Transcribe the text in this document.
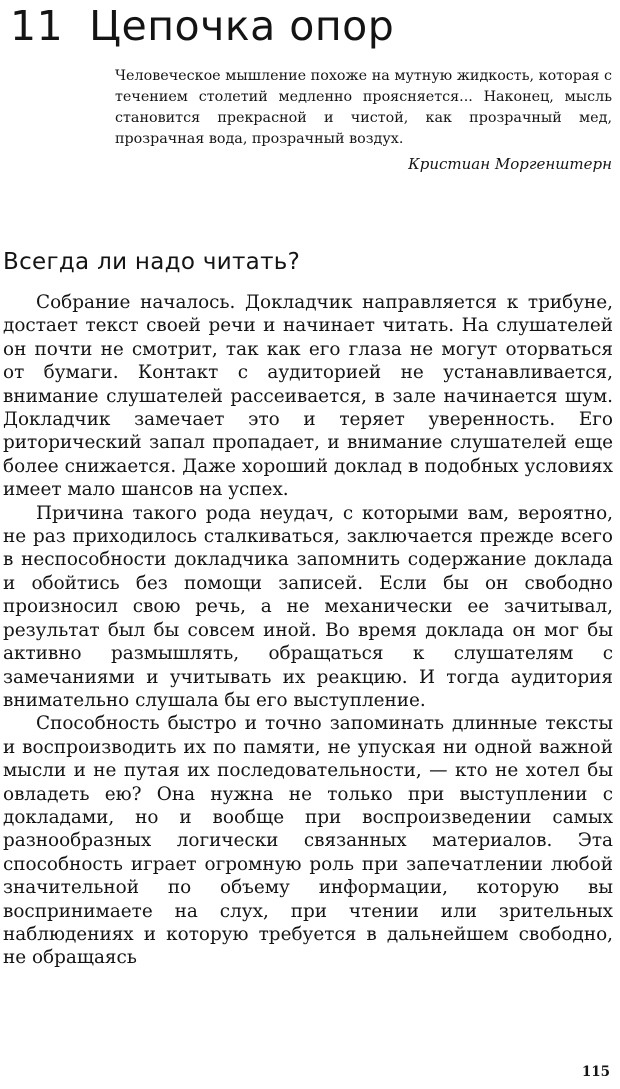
11 Цепочка опор

Человеческое мышление похоже на мутную жидкость, которая с течением столетий медленно проясняется... Наконец, мысль становится прекрасной и чистой, как прозрачный мед, прозрачная вода, прозрачный воздух.

Кристиан Моргенштерн
Всегда ли надо читать?

Собрание началось. Докладчик направляется к трибуне, достает текст своей речи и начинает читать. На слушателей он почти не смотрит, так как его глаза не могут оторваться от бумаги. Контакт с аудиторией не устанавливается, внимание слушателей рассеивается, в зале начинается шум. Докладчик замечает это и теряет уверенность. Его риторический запал пропадает, и внимание слушателей еще более снижается. Даже хороший доклад в подобных условиях имеет мало шансов на успех.

Причина такого рода неудач, с которыми вам, вероятно, не раз приходилось сталкиваться, заключается прежде всего в неспособности докладчика запомнить содержание доклада и обойтись без помощи записей. Если бы он свободно произносил свою речь, а не механически ее зачитывал, результат был бы совсем иной. Во время доклада он мог бы активно размышлять, обращаться к слушателям с замечаниями и учитывать их реакцию. И тогда аудитория внимательно слушала бы его выступление.

Способность быстро и точно запоминать длинные тексты и воспроизводить их по памяти, не упуская ни одной важной мысли и не путая их последовательности, — кто не хотел бы овладеть ею? Она нужна не только при выступлении с докладами, но и вообще при воспроизведении самых разнообразных логически связанных материалов. Эта способность играет огромную роль при запечатлении любой значительной по объему информации, которую вы воспринимаете на слух, при чтении или зрительных наблюдениях и которую требуется в дальнейшем свободно, не обращаясь

115
